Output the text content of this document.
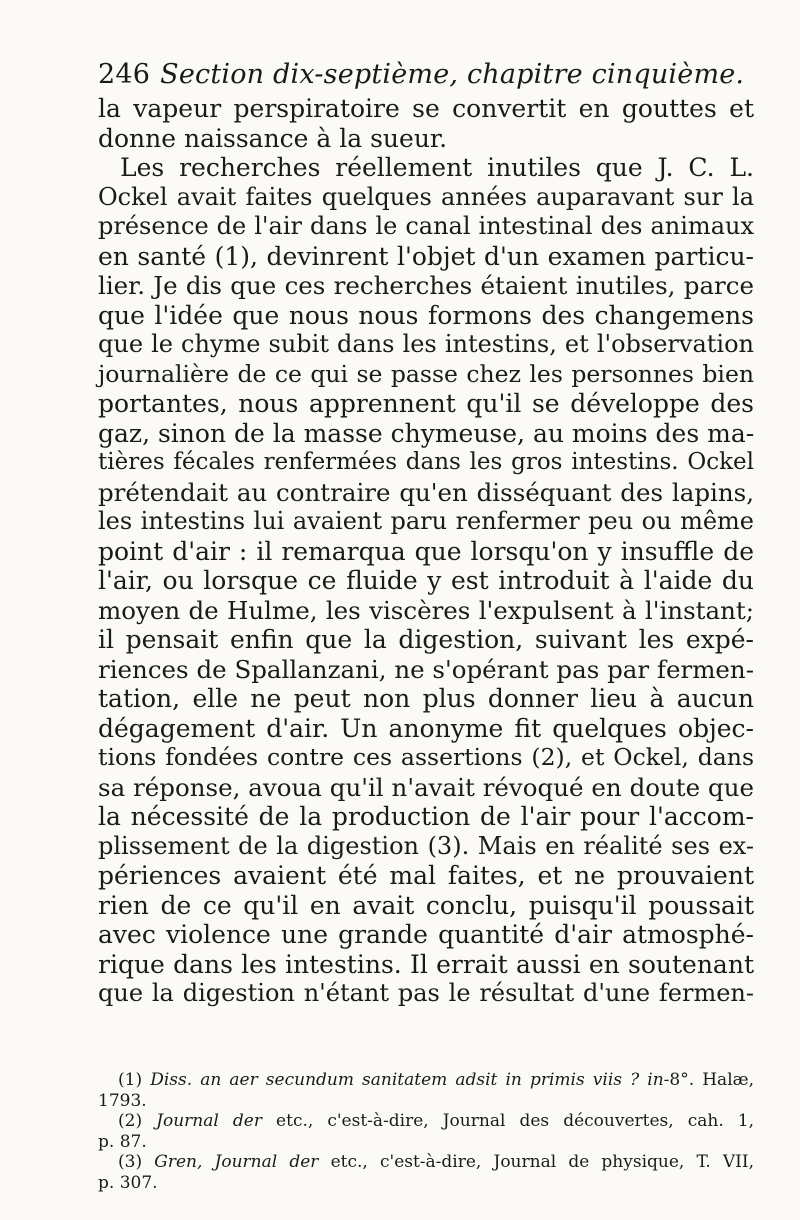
246 Section dix-septième, chapitre cinquième.
la vapeur perspiratoire se convertit en gouttes et
donne naissance à la sueur.
Les recherches réellement inutiles que J. C. L.
Ockel avait faites quelques années auparavant sur la
présence de l'air dans le canal intestinal des animaux
en santé (1), devinrent l'objet d'un examen particu-
lier. Je dis que ces recherches étaient inutiles, parce
que l'idée que nous nous formons des changemens
que le chyme subit dans les intestins, et l'observation
journalière de ce qui se passe chez les personnes bien
portantes, nous apprennent qu'il se développe des
gaz, sinon de la masse chymeuse, au moins des ma-
tières fécales renfermées dans les gros intestins. Ockel
prétendait au contraire qu'en disséquant des lapins,
les intestins lui avaient paru renfermer peu ou même
point d'air : il remarqua que lorsqu'on y insuffle de
l'air, ou lorsque ce fluide y est introduit à l'aide du
moyen de Hulme, les viscères l'expulsent à l'instant;
il pensait enfin que la digestion, suivant les expé-
riences de Spallanzani, ne s'opérant pas par fermen-
tation, elle ne peut non plus donner lieu à aucun
dégagement d'air. Un anonyme fit quelques objec-
tions fondées contre ces assertions (2), et Ockel, dans
sa réponse, avoua qu'il n'avait révoqué en doute que
la nécessité de la production de l'air pour l'accom-
plissement de la digestion (3). Mais en réalité ses ex-
périences avaient été mal faites, et ne prouvaient
rien de ce qu'il en avait conclu, puisqu'il poussait
avec violence une grande quantité d'air atmosphé-
rique dans les intestins. Il errait aussi en soutenant
que la digestion n'étant pas le résultat d'une fermen-
(1) Diss. an aer secundum sanitatem adsit in primis viis ? in-8°. Halæ,
1793.
(2) Journal der etc., c'est-à-dire, Journal des découvertes, cah. 1,
p. 87.
(3) Gren, Journal der etc., c'est-à-dire, Journal de physique, T. VII,
p. 307.
